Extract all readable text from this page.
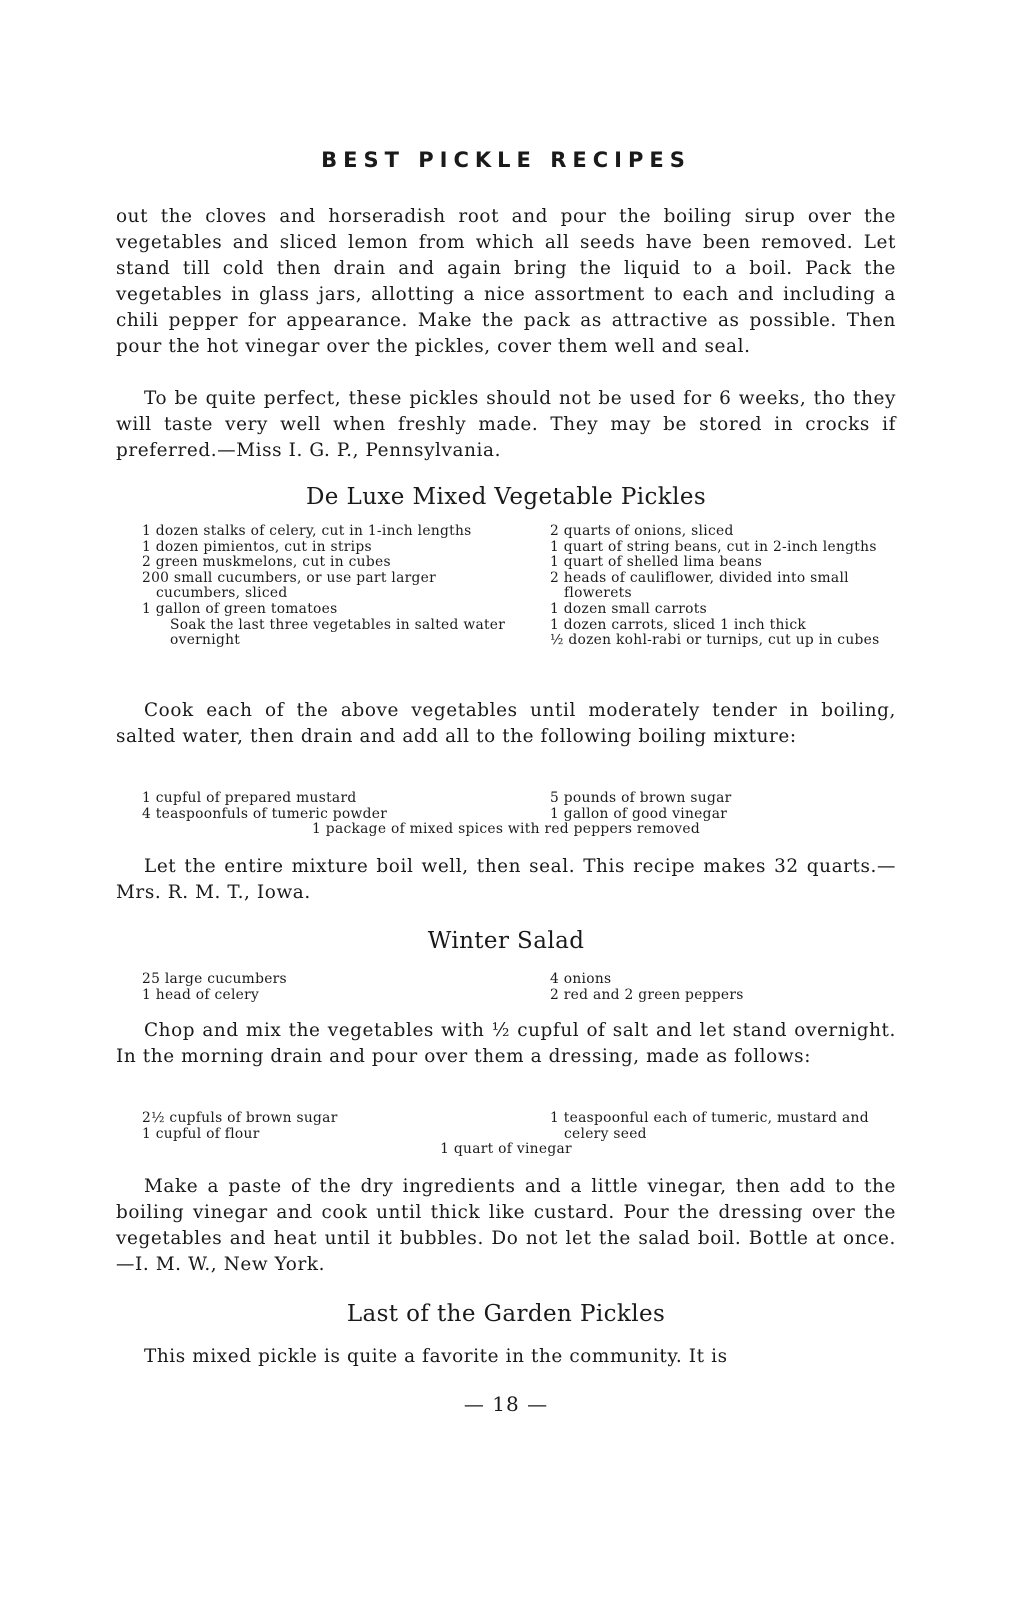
BEST PICKLE RECIPES

out the cloves and horseradish root and pour the boiling sirup over the vegetables and sliced lemon from which all seeds have been removed. Let stand till cold then drain and again bring the liquid to a boil. Pack the vegetables in glass jars, allotting a nice assortment to each and including a chili pepper for appearance. Make the pack as attractive as possible. Then pour the hot vinegar over the pickles, cover them well and seal.

To be quite perfect, these pickles should not be used for 6 weeks, tho they will taste very well when freshly made. They may be stored in crocks if preferred.—Miss I. G. P., Pennsylvania.

De Luxe Mixed Vegetable Pickles
1 dozen stalks of celery, cut in 1-inch lengths
1 dozen pimientos, cut in strips
2 green muskmelons, cut in cubes
200 small cucumbers, or use part larger cucumbers, sliced
1 gallon of green tomatoes
Soak the last three vegetables in salted water overnight
2 quarts of onions, sliced
1 quart of string beans, cut in 2-inch lengths
1 quart of shelled lima beans
2 heads of cauliflower, divided into small flowerets
1 dozen small carrots
1 dozen carrots, sliced 1 inch thick
½ dozen kohl-rabi or turnips, cut up in cubes

Cook each of the above vegetables until moderately tender in boiling, salted water, then drain and add all to the following boiling mixture:

1 cupful of prepared mustard
4 teaspoonfuls of tumeric powder
5 pounds of brown sugar
1 gallon of good vinegar
1 package of mixed spices with red peppers removed

Let the entire mixture boil well, then seal. This recipe makes 32 quarts.—Mrs. R. M. T., Iowa.

Winter Salad
25 large cucumbers
1 head of celery
4 onions
2 red and 2 green peppers

Chop and mix the vegetables with ½ cupful of salt and let stand overnight. In the morning drain and pour over them a dressing, made as follows:

2½ cupfuls of brown sugar
1 cupful of flour
1 teaspoonful each of tumeric, mustard and celery seed
1 quart of vinegar

Make a paste of the dry ingredients and a little vinegar, then add to the boiling vinegar and cook until thick like custard. Pour the dressing over the vegetables and heat until it bubbles. Do not let the salad boil. Bottle at once.—I. M. W., New York.

Last of the Garden Pickles

This mixed pickle is quite a favorite in the community. It is

— 18 —
